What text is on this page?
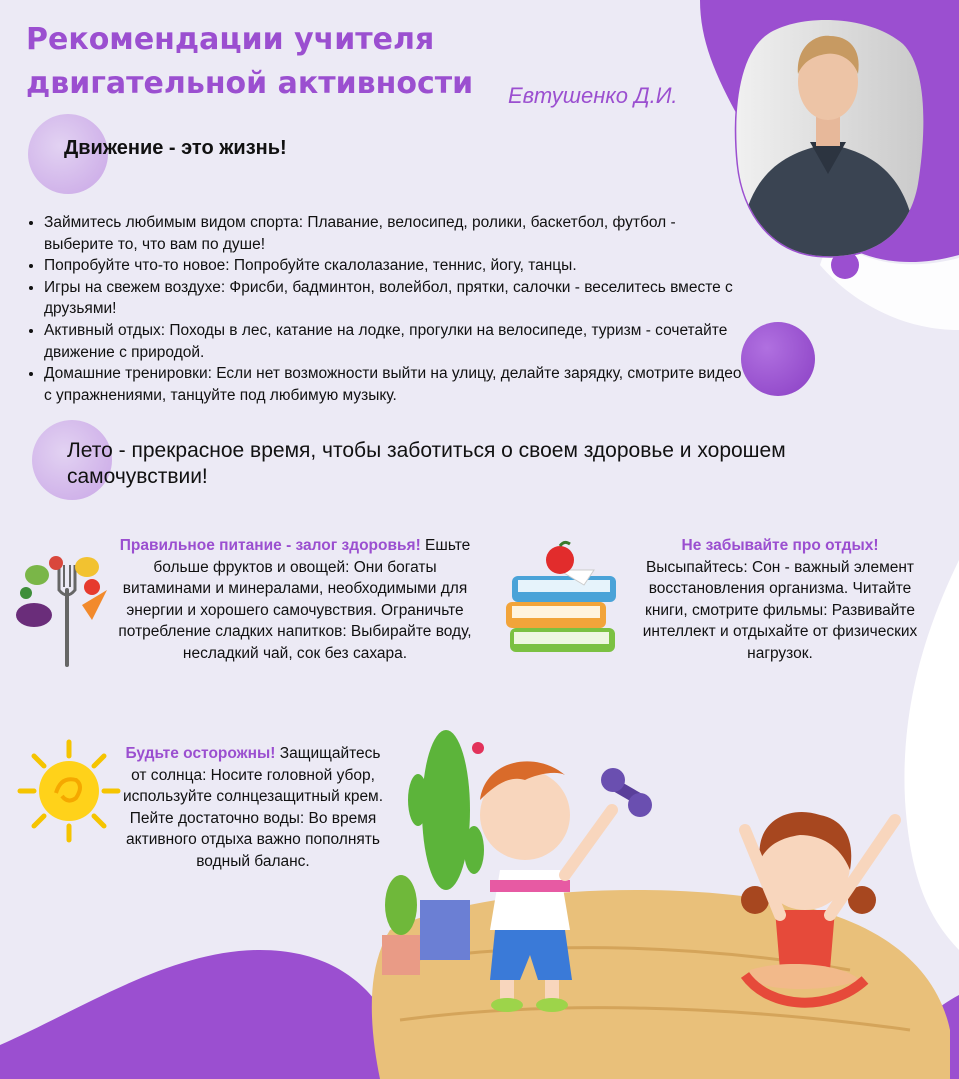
Рекомендации учителя двигательной активности	Евтушенко Д.И.
Движение - это жизнь!
• Займитесь любимым видом спорта: Плавание, велосипед, ролики, баскетбол, футбол - выберите то, что вам по душе!
• Попробуйте что-то новое: Попробуйте скалолазание, теннис, йогу, танцы.
• Игры на свежем воздухе: Фрисби, бадминтон, волейбол, прятки, салочки - веселитесь вместе с друзьями!
• Активный отдых: Походы в лес, катание на лодке, прогулки на велосипеде, туризм - сочетайте движение с природой.
• Домашние тренировки: Если нет возможности выйти на улицу, делайте зарядку, смотрите видео с упражнениями, танцуйте под любимую музыку.
Лето - прекрасное время, чтобы заботиться о своем здоровье и хорошем самочувствии!
Правильное питание - залог здоровья! Ешьте больше фруктов и овощей: Они богаты витаминами и минералами, необходимыми для энергии и хорошего самочувствия. Ограничьте потребление сладких напитков: Выбирайте воду, несладкий чай, сок без сахара.
Не забывайте про отдых!
Высыпайтесь: Сон - важный элемент восстановления организма. Читайте книги, смотрите фильмы: Развивайте интеллект и отдыхайте от физических нагрузок.
Будьте осторожны! Защищайтесь от солнца: Носите головной убор, используйте солнцезащитный крем. Пейте достаточно воды: Во время активного отдыха важно пополнять водный баланс.
